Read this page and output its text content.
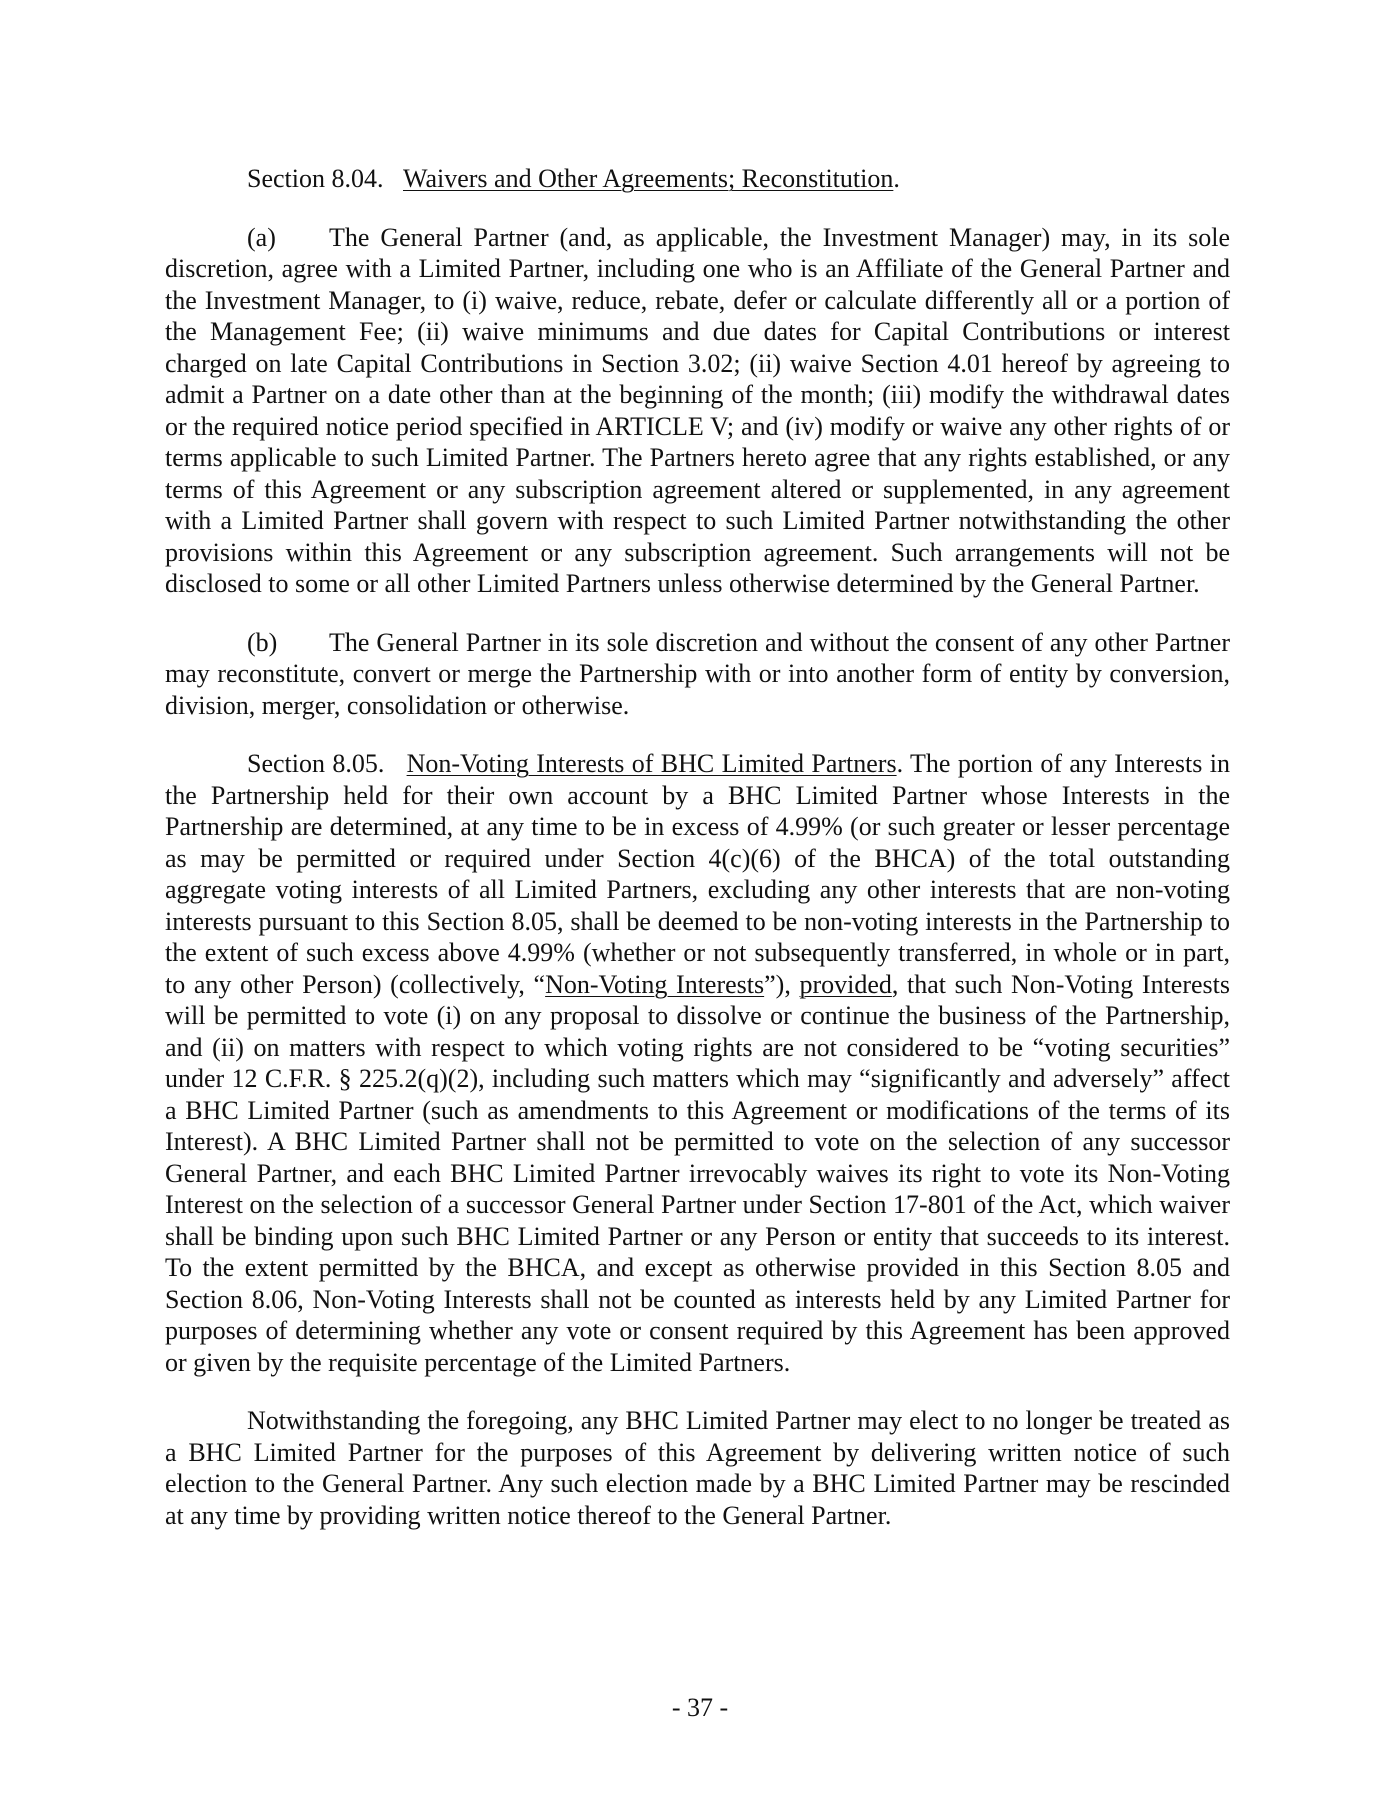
Section 8.04. Waivers and Other Agreements; Reconstitution.

(a) The General Partner (and, as applicable, the Investment Manager) may, in its sole discretion, agree with a Limited Partner, including one who is an Affiliate of the General Partner and the Investment Manager, to (i) waive, reduce, rebate, defer or calculate differently all or a portion of the Management Fee; (ii) waive minimums and due dates for Capital Contributions or interest charged on late Capital Contributions in Section 3.02; (ii) waive Section 4.01 hereof by agreeing to admit a Partner on a date other than at the beginning of the month; (iii) modify the withdrawal dates or the required notice period specified in ARTICLE V; and (iv) modify or waive any other rights of or terms applicable to such Limited Partner. The Partners hereto agree that any rights established, or any terms of this Agreement or any subscription agreement altered or supplemented, in any agreement with a Limited Partner shall govern with respect to such Limited Partner notwithstanding the other provisions within this Agreement or any subscription agreement. Such arrangements will not be disclosed to some or all other Limited Partners unless otherwise determined by the General Partner.

(b) The General Partner in its sole discretion and without the consent of any other Partner may reconstitute, convert or merge the Partnership with or into another form of entity by conversion, division, merger, consolidation or otherwise.

Section 8.05. Non-Voting Interests of BHC Limited Partners. The portion of any Interests in the Partnership held for their own account by a BHC Limited Partner whose Interests in the Partnership are determined, at any time to be in excess of 4.99% (or such greater or lesser percentage as may be permitted or required under Section 4(c)(6) of the BHCA) of the total outstanding aggregate voting interests of all Limited Partners, excluding any other interests that are non-voting interests pursuant to this Section 8.05, shall be deemed to be non-voting interests in the Partnership to the extent of such excess above 4.99% (whether or not subsequently transferred, in whole or in part, to any other Person) (collectively, “Non-Voting Interests”), provided, that such Non-Voting Interests will be permitted to vote (i) on any proposal to dissolve or continue the business of the Partnership, and (ii) on matters with respect to which voting rights are not considered to be “voting securities” under 12 C.F.R. § 225.2(q)(2), including such matters which may “significantly and adversely” affect a BHC Limited Partner (such as amendments to this Agreement or modifications of the terms of its Interest). A BHC Limited Partner shall not be permitted to vote on the selection of any successor General Partner, and each BHC Limited Partner irrevocably waives its right to vote its Non-Voting Interest on the selection of a successor General Partner under Section 17-801 of the Act, which waiver shall be binding upon such BHC Limited Partner or any Person or entity that succeeds to its interest. To the extent permitted by the BHCA, and except as otherwise provided in this Section 8.05 and Section 8.06, Non-Voting Interests shall not be counted as interests held by any Limited Partner for purposes of determining whether any vote or consent required by this Agreement has been approved or given by the requisite percentage of the Limited Partners.

Notwithstanding the foregoing, any BHC Limited Partner may elect to no longer be treated as a BHC Limited Partner for the purposes of this Agreement by delivering written notice of such election to the General Partner. Any such election made by a BHC Limited Partner may be rescinded at any time by providing written notice thereof to the General Partner.

- 37 -
